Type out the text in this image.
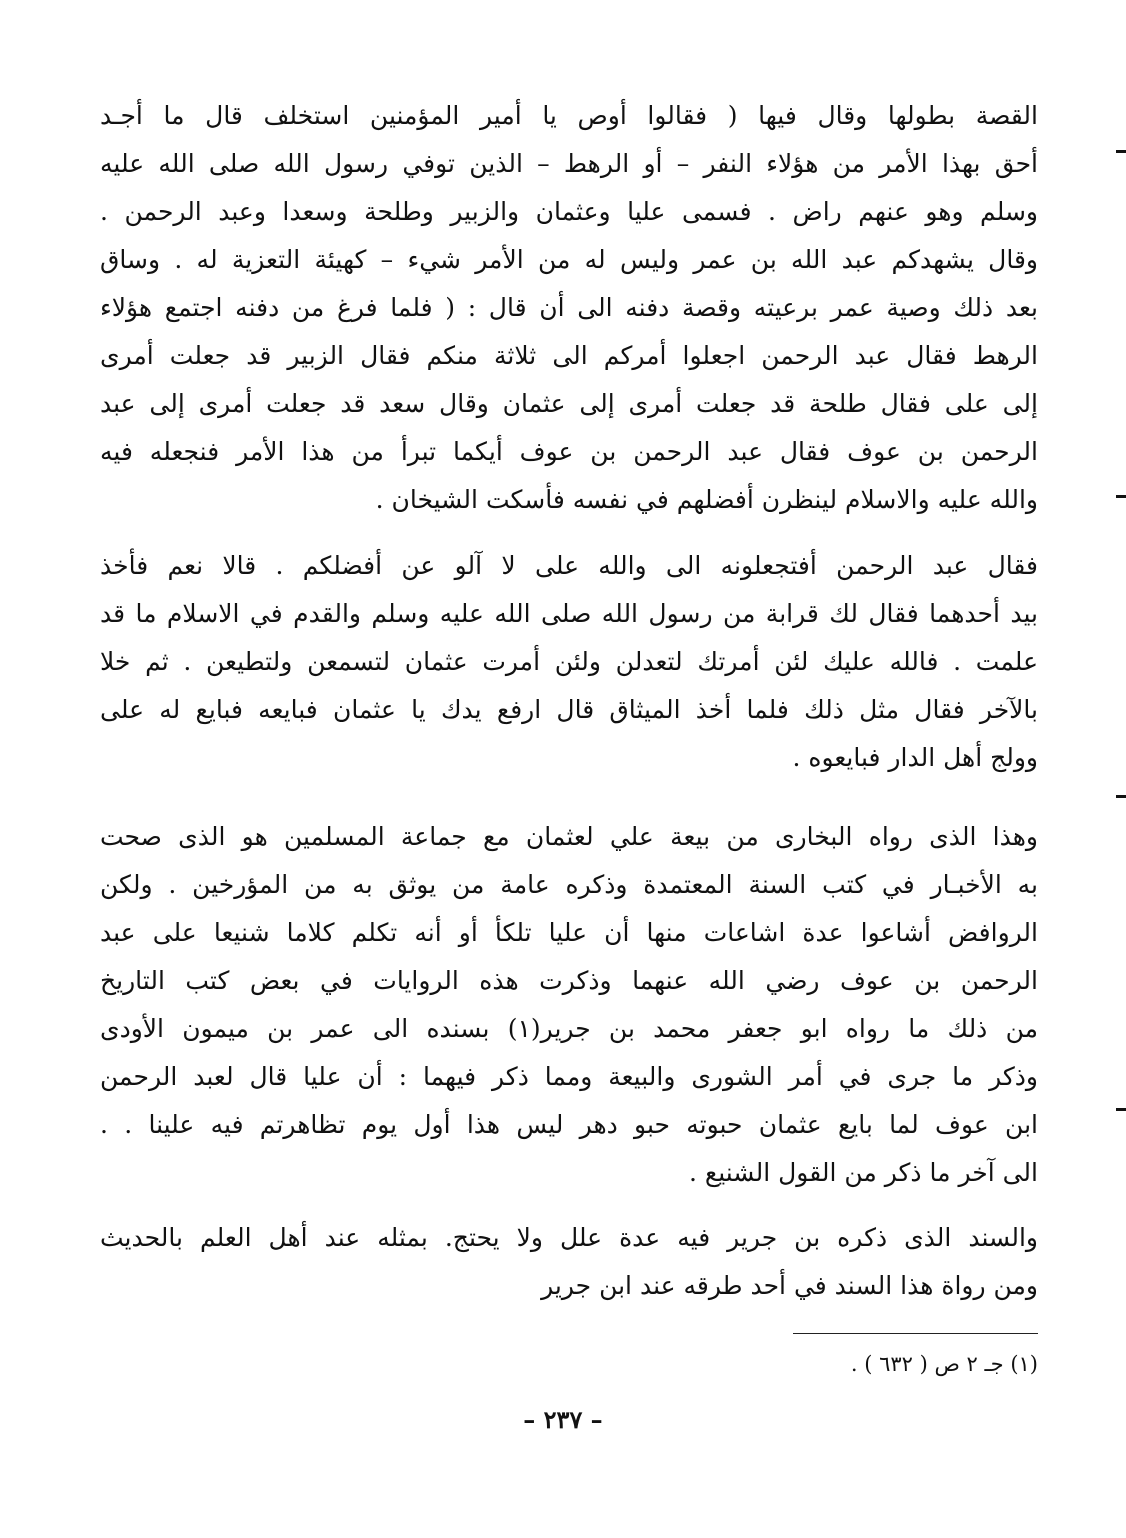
القصة بطولها وقال فيها ( فقالوا أوص يا أمير المؤمنين استخلف قال ما أجـد
أحق بهذا الأمر من هؤلاء النفر – أو الرهط – الذين توفي رسول الله صلى الله عليه
وسلم وهو عنهم راض . فسمى عليا وعثمان والزبير وطلحة وسعدا وعبد الرحمن .
وقال يشهدكم عبد الله بن عمر وليس له من الأمر شيء – كهيئة التعزية له . وساق
بعد ذلك وصية عمر برعيته وقصة دفنه الى أن قال : ( فلما فرغ من دفنه اجتمع هؤلاء
الرهط فقال عبد الرحمن اجعلوا أمركم الى ثلاثة منكم فقال الزبير قد جعلت أمرى
إلى على فقال طلحة قد جعلت أمرى إلى عثمان وقال سعد قد جعلت أمرى إلى عبد
الرحمن بن عوف فقال عبد الرحمن بن عوف أيكما تبرأ من هذا الأمر فنجعله فيه
والله عليه والاسلام لينظرن أفضلهم في نفسه فأسكت الشيخان .
فقال عبد الرحمن أفتجعلونه الى والله على لا آلو عن أفضلكم . قالا نعم فأخذ
بيد أحدهما فقال لك قرابة من رسول الله صلى الله عليه وسلم والقدم في الاسلام ما قد
علمت . فالله عليك لئن أمرتك لتعدلن ولئن أمرت عثمان لتسمعن ولتطيعن . ثم خلا
بالآخر فقال مثل ذلك فلما أخذ الميثاق قال ارفع يدك يا عثمان فبايعه فبايع له على
وولج أهل الدار فبايعوه .
وهذا الذى رواه البخارى من بيعة علي لعثمان مع جماعة المسلمين هو الذى صحت
به الأخبـار في كتب السنة المعتمدة وذكره عامة من يوثق به من المؤرخين . ولكن
الروافض أشاعوا عدة اشاعات منها أن عليا تلكأ أو أنه تكلم كلاما شنيعا على عبد
الرحمن بن عوف رضي الله عنهما وذكرت هذه الروايات في بعض كتب التاريخ
من ذلك ما رواه ابو جعفر محمد بن جرير(١) بسنده الى عمر بن ميمون الأودى
وذكر ما جرى في أمر الشورى والبيعة ومما ذكر فيهما : أن عليا قال لعبد الرحمن
ابن عوف لما بايع عثمان حبوته حبو دهر ليس هذا أول يوم تظاهرتم فيه علينا . .
الى آخر ما ذكر من القول الشنيع .
والسند الذى ذكره بن جرير فيه عدة علل ولا يحتج. بمثله عند أهل العلم بالحديث
ومن رواة هذا السند في أحد طرقه عند ابن جرير
(١) جـ ٢ ص ( ٦٣٢ ) .
– ٢٣٧ –
